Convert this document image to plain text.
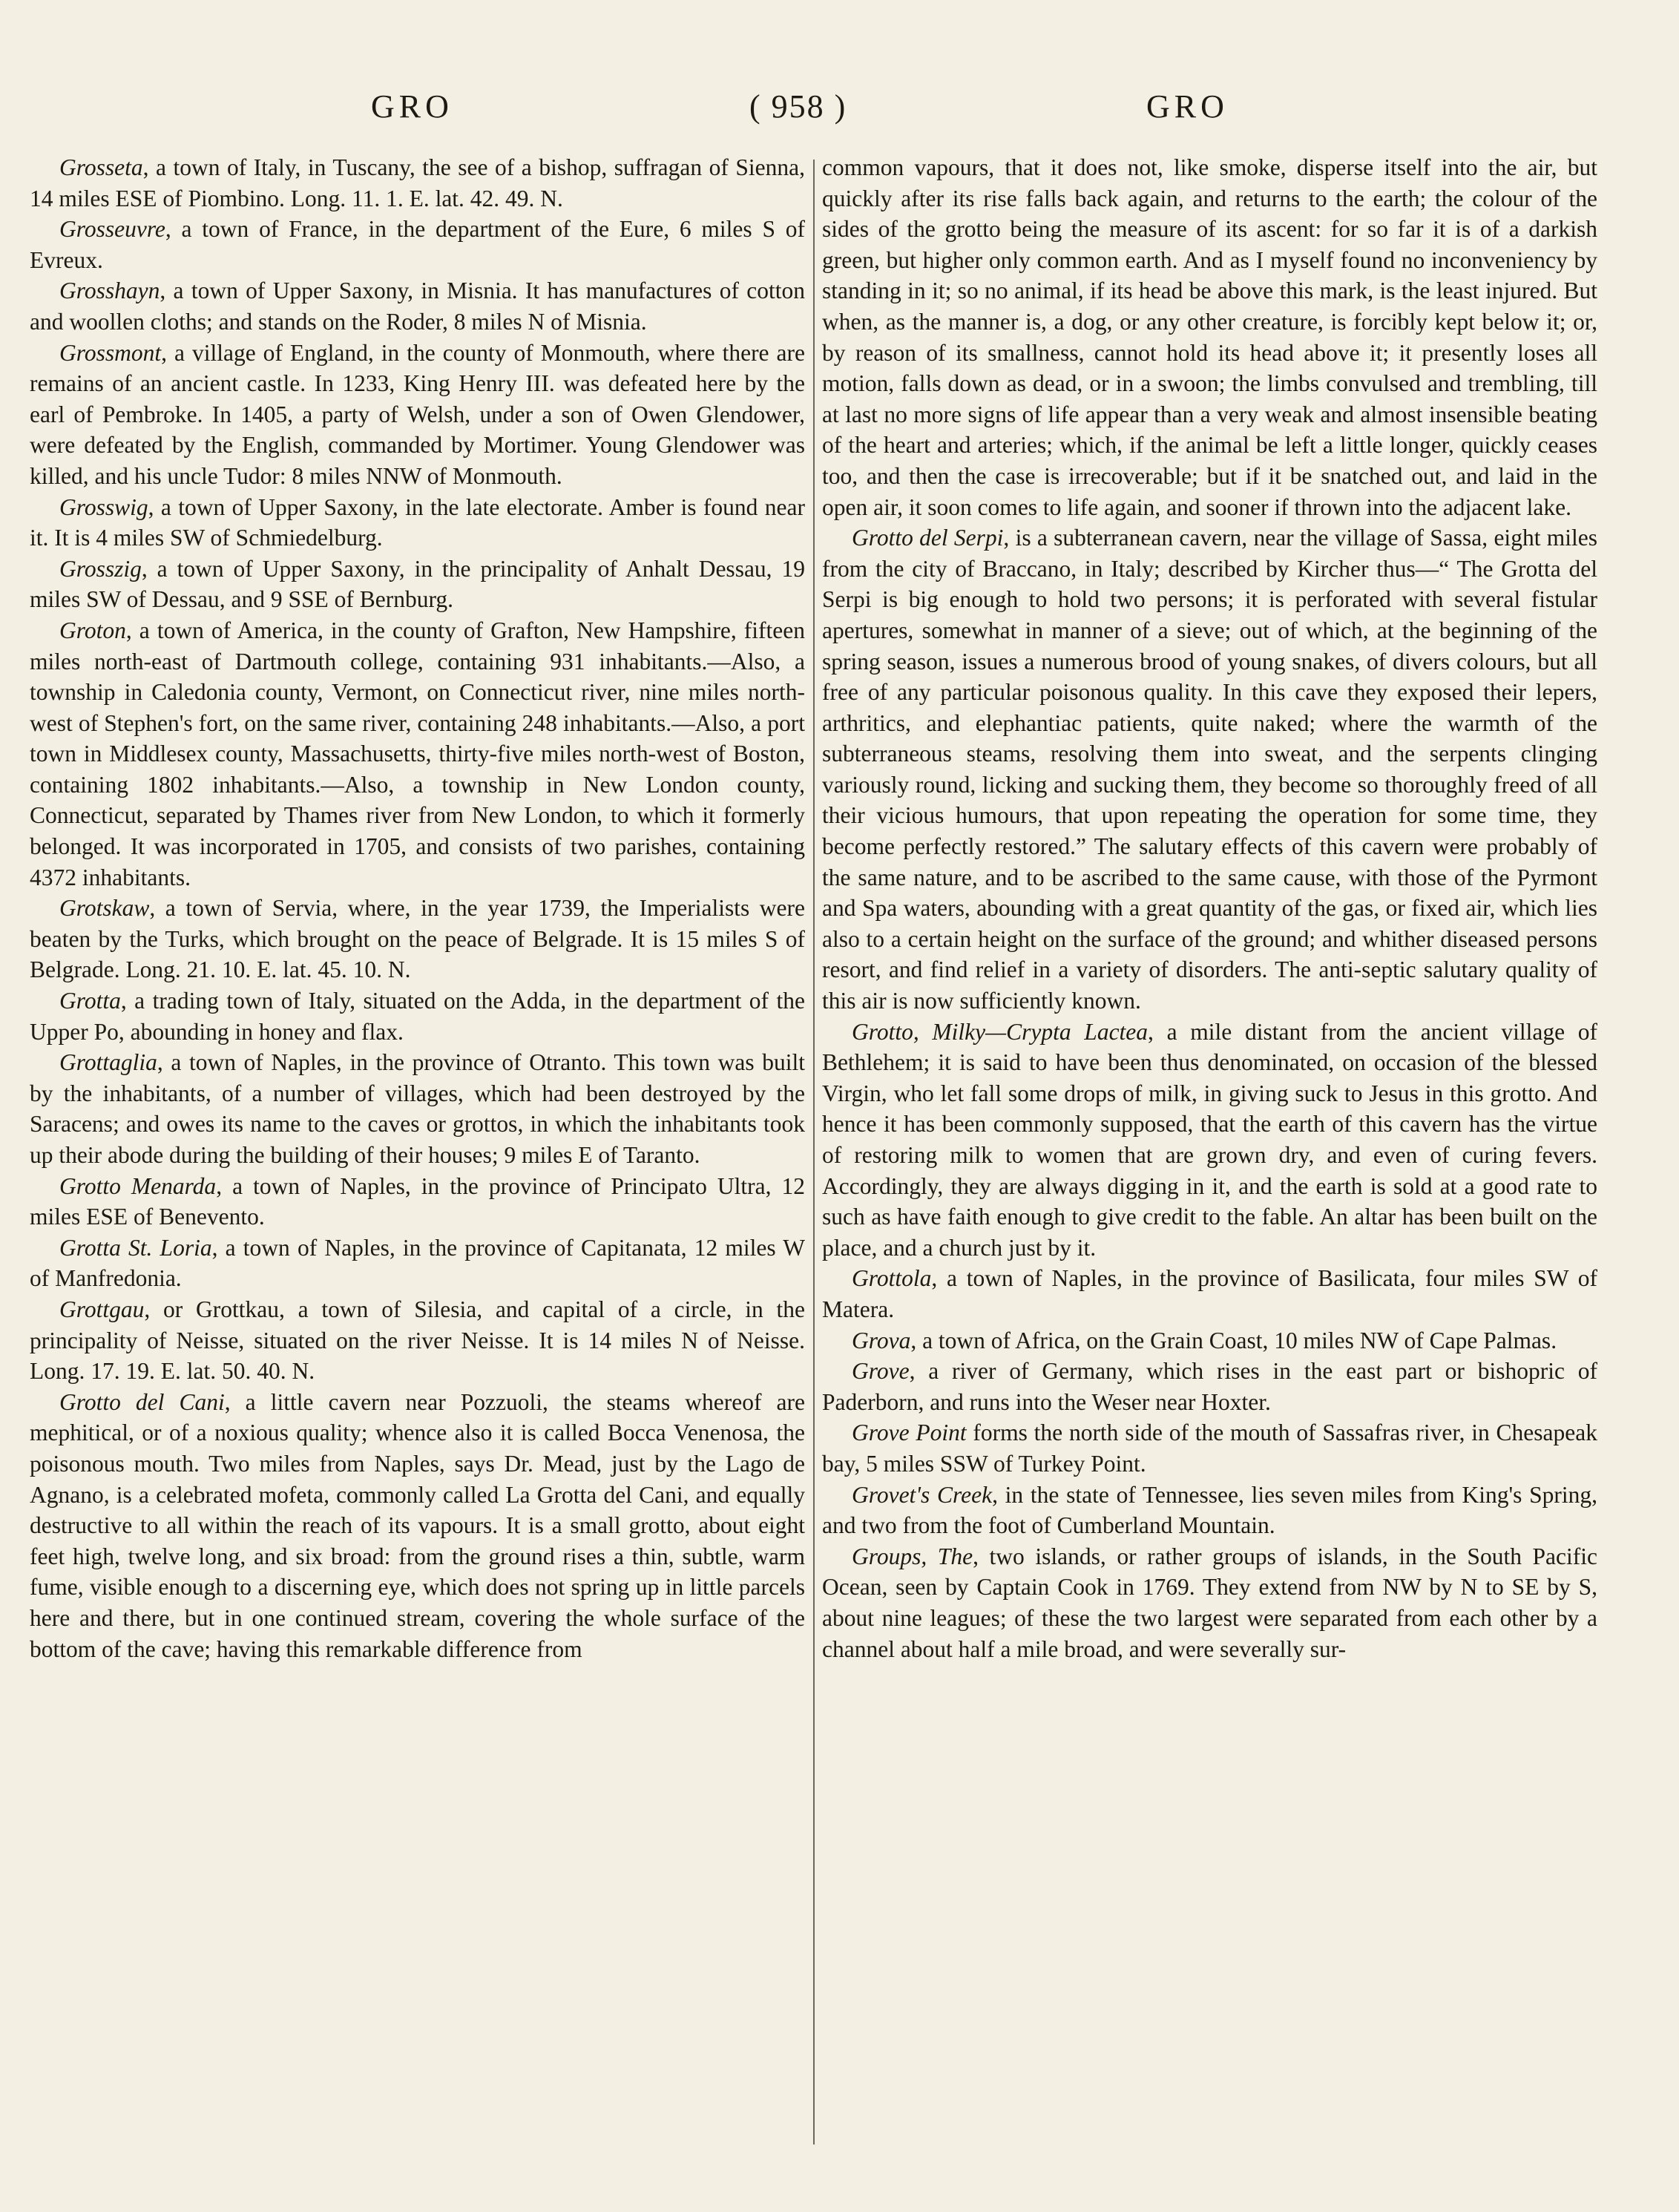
GRO	( 958 )	GRO

Grosseta, a town of Italy, in Tuscany, the see of a bishop, suffragan of Sienna, 14 miles ESE of Piombino. Long. 11. 1. E. lat. 42. 49. N.

Grosseuvre, a town of France, in the department of the Eure, 6 miles S of Evreux.

Grosshayn, a town of Upper Saxony, in Misnia. It has manufactures of cotton and woollen cloths; and stands on the Roder, 8 miles N of Misnia.

Grossmont, a village of England, in the county of Monmouth, where there are remains of an ancient castle. In 1233, King Henry III. was defeated here by the earl of Pembroke. In 1405, a party of Welsh, under a son of Owen Glendower, were defeated by the English, commanded by Mortimer. Young Glendower was killed, and his uncle Tudor: 8 miles NNW of Monmouth.

Grosswig, a town of Upper Saxony, in the late electorate. Amber is found near it. It is 4 miles SW of Schmiedelburg.

Grosszig, a town of Upper Saxony, in the principality of Anhalt Dessau, 19 miles SW of Dessau, and 9 SSE of Bernburg.

Groton, a town of America, in the county of Grafton, New Hampshire, fifteen miles north-east of Dartmouth college, containing 931 inhabitants.—Also, a township in Caledonia county, Vermont, on Connecticut river, nine miles north-west of Stephen's fort, on the same river, containing 248 inhabitants.—Also, a port town in Middlesex county, Massachusetts, thirty-five miles north-west of Boston, containing 1802 inhabitants.—Also, a township in New London county, Connecticut, separated by Thames river from New London, to which it formerly belonged. It was incorporated in 1705, and consists of two parishes, containing 4372 inhabitants.

Grotskaw, a town of Servia, where, in the year 1739, the Imperialists were beaten by the Turks, which brought on the peace of Belgrade. It is 15 miles S of Belgrade. Long. 21. 10. E. lat. 45. 10. N.

Grotta, a trading town of Italy, situated on the Adda, in the department of the Upper Po, abounding in honey and flax.

Grottaglia, a town of Naples, in the province of Otranto. This town was built by the inhabitants, of a number of villages, which had been destroyed by the Saracens; and owes its name to the caves or grottos, in which the inhabitants took up their abode during the building of their houses; 9 miles E of Taranto.

Grotto Menarda, a town of Naples, in the province of Principato Ultra, 12 miles ESE of Benevento.

Grotta St. Loria, a town of Naples, in the province of Capitanata, 12 miles W of Manfredonia.

Grottgau, or Grottkau, a town of Silesia, and capital of a circle, in the principality of Neisse, situated on the river Neisse. It is 14 miles N of Neisse. Long. 17. 19. E. lat. 50. 40. N.

Grotto del Cani, a little cavern near Pozzuoli, the steams whereof are mephitical, or of a noxious quality; whence also it is called Bocca Venenosa, the poisonous mouth. Two miles from Naples, says Dr. Mead, just by the Lago de Agnano, is a celebrated mofeta, commonly called La Grotta del Cani, and equally destructive to all within the reach of its vapours. It is a small grotto, about eight feet high, twelve long, and six broad: from the ground rises a thin, subtle, warm fume, visible enough to a discerning eye, which does not spring up in little parcels here and there, but in one continued stream, covering the whole surface of the bottom of the cave; having this remarkable difference from

common vapours, that it does not, like smoke, disperse itself into the air, but quickly after its rise falls back again, and returns to the earth; the colour of the sides of the grotto being the measure of its ascent: for so far it is of a darkish green, but higher only common earth. And as I myself found no inconveniency by standing in it; so no animal, if its head be above this mark, is the least injured. But when, as the manner is, a dog, or any other creature, is forcibly kept below it; or, by reason of its smallness, cannot hold its head above it; it presently loses all motion, falls down as dead, or in a swoon; the limbs convulsed and trembling, till at last no more signs of life appear than a very weak and almost insensible beating of the heart and arteries; which, if the animal be left a little longer, quickly ceases too, and then the case is irrecoverable; but if it be snatched out, and laid in the open air, it soon comes to life again, and sooner if thrown into the adjacent lake.

Grotto del Serpi, is a subterranean cavern, near the village of Sassa, eight miles from the city of Braccano, in Italy; described by Kircher thus—“ The Grotta del Serpi is big enough to hold two persons; it is perforated with several fistular apertures, somewhat in manner of a sieve; out of which, at the beginning of the spring season, issues a numerous brood of young snakes, of divers colours, but all free of any particular poisonous quality. In this cave they exposed their lepers, arthritics, and elephantiac patients, quite naked; where the warmth of the subterraneous steams, resolving them into sweat, and the serpents clinging variously round, licking and sucking them, they become so thoroughly freed of all their vicious humours, that upon repeating the operation for some time, they become perfectly restored.” The salutary effects of this cavern were probably of the same nature, and to be ascribed to the same cause, with those of the Pyrmont and Spa waters, abounding with a great quantity of the gas, or fixed air, which lies also to a certain height on the surface of the ground; and whither diseased persons resort, and find relief in a variety of disorders. The anti-septic salutary quality of this air is now sufficiently known.

Grotto, Milky—Crypta Lactea, a mile distant from the ancient village of Bethlehem; it is said to have been thus denominated, on occasion of the blessed Virgin, who let fall some drops of milk, in giving suck to Jesus in this grotto. And hence it has been commonly supposed, that the earth of this cavern has the virtue of restoring milk to women that are grown dry, and even of curing fevers. Accordingly, they are always digging in it, and the earth is sold at a good rate to such as have faith enough to give credit to the fable. An altar has been built on the place, and a church just by it.

Grottola, a town of Naples, in the province of Basilicata, four miles SW of Matera.

Grova, a town of Africa, on the Grain Coast, 10 miles NW of Cape Palmas.

Grove, a river of Germany, which rises in the east part or bishopric of Paderborn, and runs into the Weser near Hoxter.

Grove Point forms the north side of the mouth of Sassafras river, in Chesapeak bay, 5 miles SSW of Turkey Point.

Grovet's Creek, in the state of Tennessee, lies seven miles from King's Spring, and two from the foot of Cumberland Mountain.

Groups, The, two islands, or rather groups of islands, in the South Pacific Ocean, seen by Captain Cook in 1769. They extend from NW by N to SE by S, about nine leagues; of these the two largest were separated from each other by a channel about half a mile broad, and were severally sur-
